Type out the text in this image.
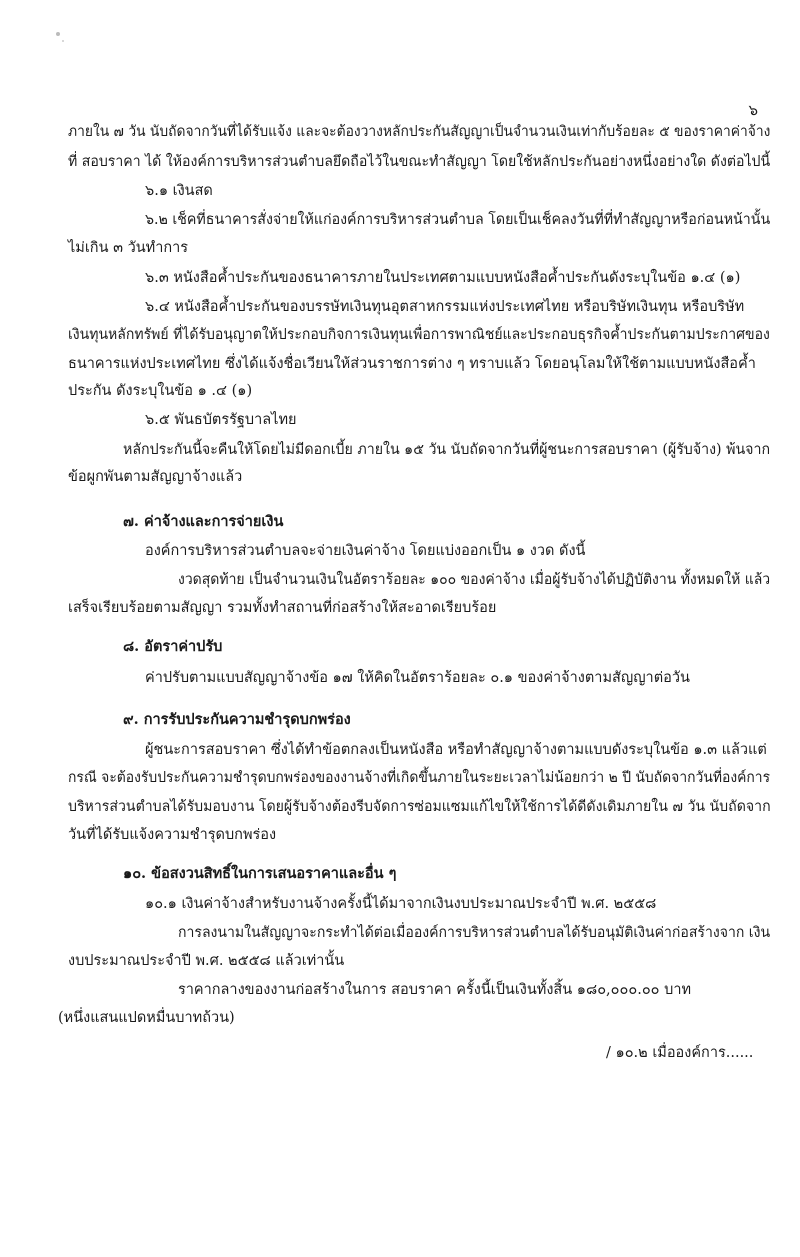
๖
ภายใน ๗ วัน นับถัดจากวันที่ได้รับแจ้ง และจะต้องวางหลักประกันสัญญาเป็นจำนวนเงินเท่ากับร้อยละ ๕ ของราคาค่าจ้าง
ที่ สอบราคา ได้ ให้องค์การบริหารส่วนตำบลยึดถือไว้ในขณะทำสัญญา โดยใช้หลักประกันอย่างหนึ่งอย่างใด ดังต่อไปนี้
๖.๑ เงินสด
๖.๒ เช็คที่ธนาคารสั่งจ่ายให้แก่องค์การบริหารส่วนตำบล โดยเป็นเช็คลงวันที่ที่ทำสัญญาหรือก่อนหน้านั้น
ไม่เกิน ๓ วันทำการ
๖.๓ หนังสือค้ำประกันของธนาคารภายในประเทศตามแบบหนังสือค้ำประกันดังระบุในข้อ ๑.๔ (๑)
๖.๔ หนังสือค้ำประกันของบรรษัทเงินทุนอุตสาหกรรมแห่งประเทศไทย หรือบริษัทเงินทุน หรือบริษัท
เงินทุนหลักทรัพย์ ที่ได้รับอนุญาตให้ประกอบกิจการเงินทุนเพื่อการพาณิชย์และประกอบธุรกิจค้ำประกันตามประกาศของ
ธนาคารแห่งประเทศไทย ซึ่งได้แจ้งชื่อเวียนให้ส่วนราชการต่าง ๆ ทราบแล้ว โดยอนุโลมให้ใช้ตามแบบหนังสือค้ำ
ประกัน ดังระบุในข้อ ๑ .๔ (๑)
๖.๕ พันธบัตรรัฐบาลไทย
หลักประกันนี้จะคืนให้โดยไม่มีดอกเบี้ย ภายใน ๑๕ วัน นับถัดจากวันที่ผู้ชนะการสอบราคา (ผู้รับจ้าง) พ้นจาก
ข้อผูกพันตามสัญญาจ้างแล้ว
๗. ค่าจ้างและการจ่ายเงิน
องค์การบริหารส่วนตำบลจะจ่ายเงินค่าจ้าง โดยแบ่งออกเป็น ๑ งวด ดังนี้
งวดสุดท้าย เป็นจำนวนเงินในอัตราร้อยละ ๑๐๐ ของค่าจ้าง เมื่อผู้รับจ้างได้ปฏิบัติงาน ทั้งหมดให้ แล้ว
เสร็จเรียบร้อยตามสัญญา รวมทั้งทำสถานที่ก่อสร้างให้สะอาดเรียบร้อย
๘. อัตราค่าปรับ
ค่าปรับตามแบบสัญญาจ้างข้อ ๑๗ ให้คิดในอัตราร้อยละ ๐.๑ ของค่าจ้างตามสัญญาต่อวัน
๙. การรับประกันความชำรุดบกพร่อง
ผู้ชนะการสอบราคา ซึ่งได้ทำข้อตกลงเป็นหนังสือ หรือทำสัญญาจ้างตามแบบดังระบุในข้อ ๑.๓ แล้วแต่
กรณี จะต้องรับประกันความชำรุดบกพร่องของงานจ้างที่เกิดขึ้นภายในระยะเวลาไม่น้อยกว่า ๒ ปี นับถัดจากวันที่องค์การ
บริหารส่วนตำบลได้รับมอบงาน โดยผู้รับจ้างต้องรีบจัดการซ่อมแซมแก้ไขให้ใช้การได้ดีดังเดิมภายใน ๗ วัน นับถัดจาก
วันที่ได้รับแจ้งความชำรุดบกพร่อง
๑๐. ข้อสงวนสิทธิ์ในการเสนอราคาและอื่น ๆ
๑๐.๑ เงินค่าจ้างสำหรับงานจ้างครั้งนี้ได้มาจากเงินงบประมาณประจำปี พ.ศ. ๒๕๕๘
การลงนามในสัญญาจะกระทำได้ต่อเมื่อองค์การบริหารส่วนตำบลได้รับอนุมัติเงินค่าก่อสร้างจาก เงิน
งบประมาณประจำปี พ.ศ. ๒๕๕๘ แล้วเท่านั้น
ราคากลางของงานก่อสร้างในการ สอบราคา ครั้งนี้เป็นเงินทั้งสิ้น ๑๘๐,๐๐๐.๐๐ บาท
(หนึ่งแสนแปดหมื่นบาทถ้วน)
/ ๑๐.๒ เมื่อองค์การ......
